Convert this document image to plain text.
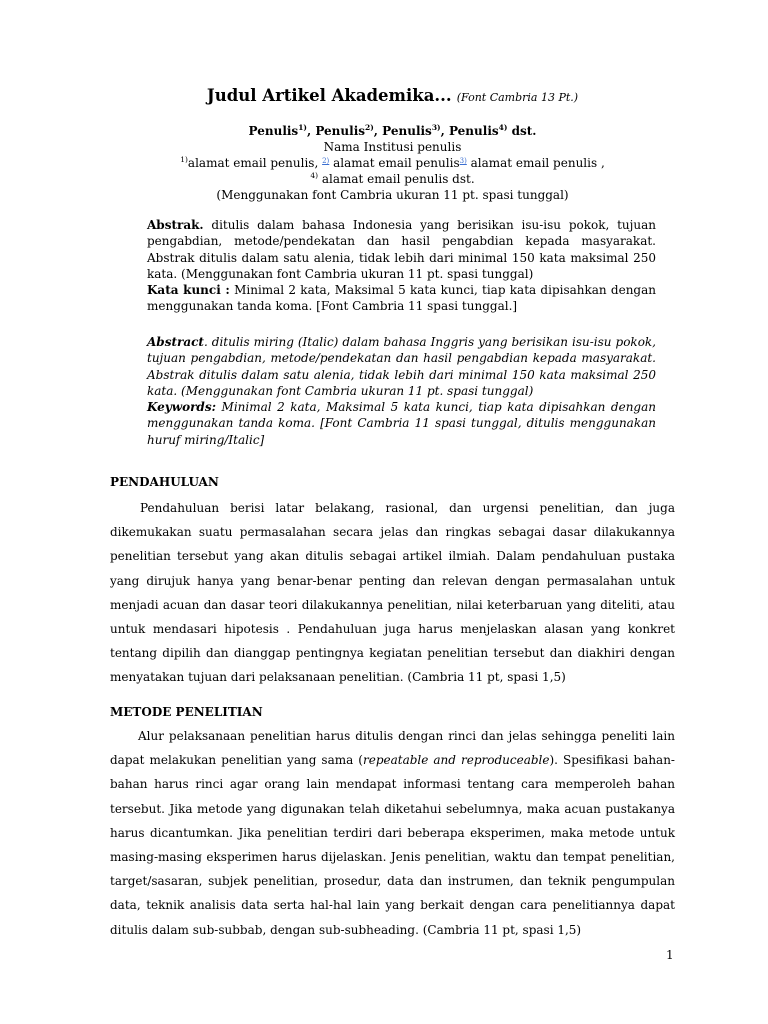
Judul Artikel Akademika... (Font Cambria 13 Pt.)
Penulis$^{1)}$, Penulis$^{2)}$, Penulis$^{3)}$, Penulis$^{4)}$ dst.
Nama Institusi penulis
$^{1)}$alamat email penulis, $^{2)}$ alamat email penulis$^{3)}$ alamat email penulis ,
$^{4)}$ alamat email penulis dst.
(Menggunakan font Cambria ukuran 11 pt. spasi tunggal)
Abstrak. ditulis dalam bahasa Indonesia yang berisikan isu-isu pokok, tujuan pengabdian, metode/pendekatan dan hasil pengabdian kepada masyarakat. Abstrak ditulis dalam satu alenia, tidak lebih dari minimal 150 kata maksimal 250 kata. (Menggunakan font Cambria ukuran 11 pt. spasi tunggal)
Kata kunci : Minimal 2 kata, Maksimal 5 kata kunci, tiap kata dipisahkan dengan menggunakan tanda koma. [Font Cambria 11 spasi tunggal.]
Abstract. ditulis miring (Italic) dalam bahasa Inggris yang berisikan isu-isu pokok, tujuan pengabdian, metode/pendekatan dan hasil pengabdian kepada masyarakat. Abstrak ditulis dalam satu alenia, tidak lebih dari minimal 150 kata maksimal 250 kata. (Menggunakan font Cambria ukuran 11 pt. spasi tunggal)
Keywords: Minimal 2 kata, Maksimal 5 kata kunci, tiap kata dipisahkan dengan menggunakan tanda koma. [Font Cambria 11 spasi tunggal, ditulis menggunakan huruf miring/Italic]
PENDAHULUAN
Pendahuluan berisi latar belakang, rasional, dan urgensi penelitian, dan juga dikemukakan suatu permasalahan secara jelas dan ringkas sebagai dasar dilakukannya penelitian tersebut yang akan ditulis sebagai artikel ilmiah. Dalam pendahuluan pustaka yang dirujuk hanya yang benar-benar penting dan relevan dengan permasalahan untuk menjadi acuan dan dasar teori dilakukannya penelitian, nilai keterbaruan yang diteliti, atau untuk mendasari hipotesis . Pendahuluan juga harus menjelaskan alasan yang konkret tentang dipilih dan dianggap pentingnya kegiatan penelitian tersebut dan diakhiri dengan menyatakan tujuan dari pelaksanaan penelitian. (Cambria 11 pt, spasi 1,5)
METODE PENELITIAN
Alur pelaksanaan penelitian harus ditulis dengan rinci dan jelas sehingga peneliti lain dapat melakukan penelitian yang sama (repeatable and reproduceable). Spesifikasi bahan-bahan harus rinci agar orang lain mendapat informasi tentang cara memperoleh bahan tersebut. Jika metode yang digunakan telah diketahui sebelumnya, maka acuan pustakanya harus dicantumkan. Jika penelitian terdiri dari beberapa eksperimen, maka metode untuk masing-masing eksperimen harus dijelaskan. Jenis penelitian, waktu dan tempat penelitian, target/sasaran, subjek penelitian, prosedur, data dan instrumen, dan teknik pengumpulan data, teknik analisis data serta hal-hal lain yang berkait dengan cara penelitiannya dapat ditulis dalam sub-subbab, dengan sub-subheading. (Cambria 11 pt, spasi 1,5)
1
